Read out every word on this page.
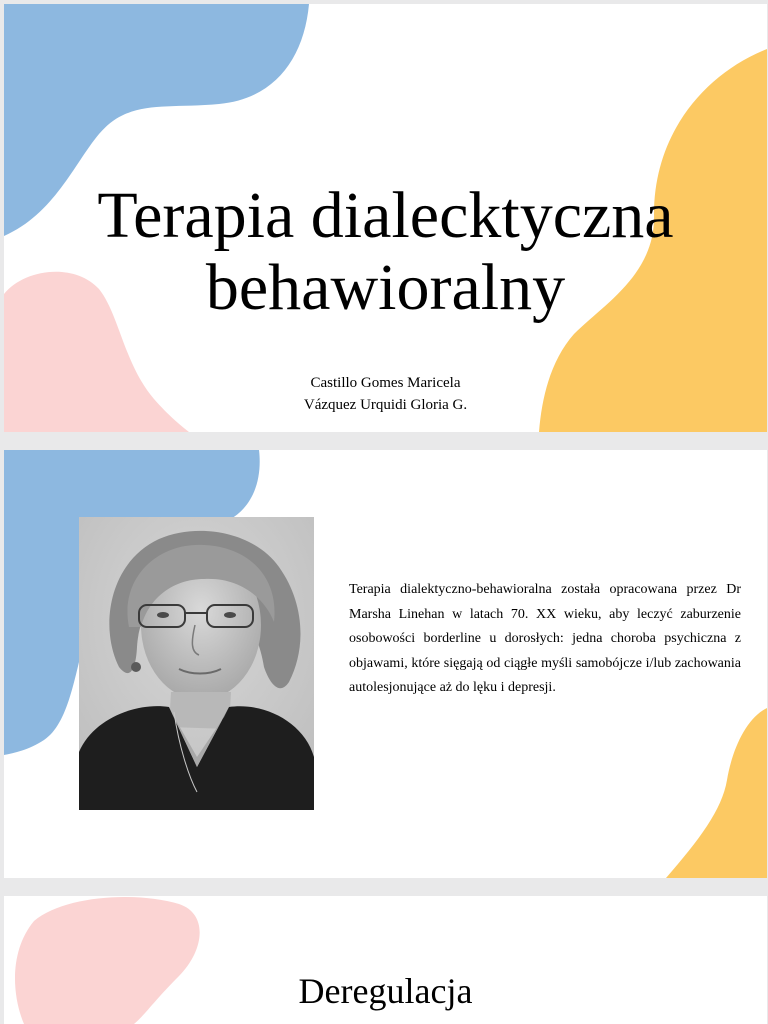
Terapia dialecktyczna
behawioralny
Castillo Gomes Maricela
Vázquez Urquidi Gloria G.

Terapia dialektyczno-behawioralna została opracowana przez Dr Marsha Linehan w latach 70. XX wieku, aby leczyć zaburzenie osobowości borderline u dorosłych: jedna choroba psychiczna z objawami, które sięgają od ciągłe myśli samobójcze i/lub zachowania autolesjonujące aż do lęku i depresji.

Deregulacja
